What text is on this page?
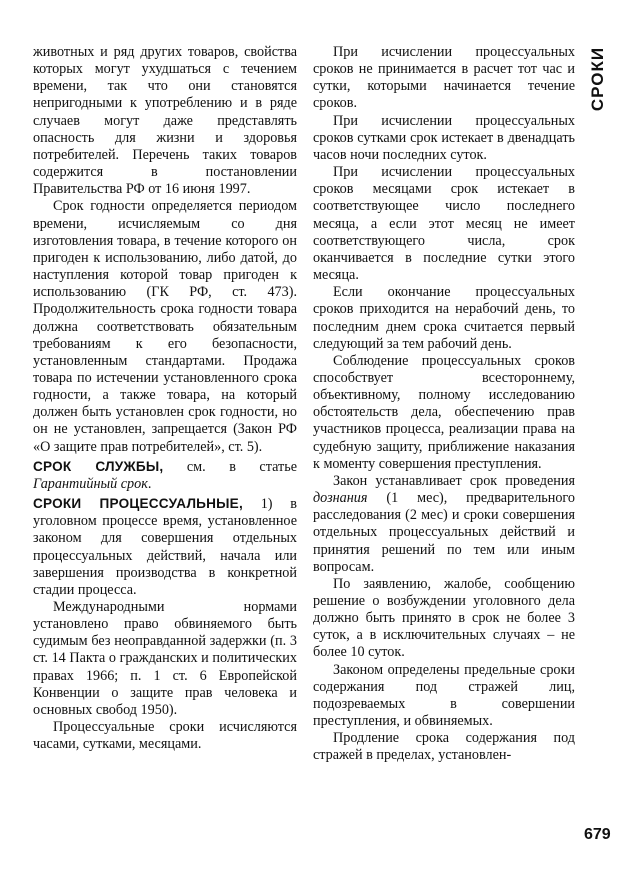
СРОКИ

животных и ряд других товаров, свойства которых могут ухудшаться с течением времени, так что они становятся непригодными к употреблению и в ряде случаев могут даже представлять опасность для жизни и здоровья потребителей. Перечень таких товаров содержится в постановлении Правительства РФ от 16 июня 1997.

Срок годности определяется периодом времени, исчисляемым со дня изготовления товара, в течение которого он пригоден к использованию, либо датой, до наступления которой товар пригоден к использованию (ГК РФ, ст. 473). Продолжительность срока годности товара должна соответствовать обязательным требованиям к его безопасности, установленным стандартами. Продажа товара по истечении установленного срока годности, а также товара, на который должен быть установлен срок годности, но он не установлен, запрещается (Закон РФ «О защите прав потребителей», ст. 5).

СРОК СЛУЖБЫ, см. в статье Гарантийный срок.

СРОКИ ПРОЦЕССУАЛЬНЫЕ, 1) в уголовном процессе время, установленное законом для совершения отдельных процессуальных действий, начала или завершения производства в конкретной стадии процесса.

Международными нормами установлено право обвиняемого быть судимым без неоправданной задержки (п. 3 ст. 14 Пакта о гражданских и политических правах 1966; п. 1 ст. 6 Европейской Конвенции о защите прав человека и основных свобод 1950).

Процессуальные сроки исчисляются часами, сутками, месяцами.

При исчислении процессуальных сроков не принимается в расчет тот час и сутки, которыми начинается течение сроков.

При исчислении процессуальных сроков сутками срок истекает в двенадцать часов ночи последних суток.

При исчислении процессуальных сроков месяцами срок истекает в соответствующее число последнего месяца, а если этот месяц не имеет соответствующего числа, срок оканчивается в последние сутки этого месяца.

Если окончание процессуальных сроков приходится на нерабочий день, то последним днем срока считается первый следующий за тем рабочий день.

Соблюдение процессуальных сроков способствует всестороннему, объективному, полному исследованию обстоятельств дела, обеспечению прав участников процесса, реализации права на судебную защиту, приближение наказания к моменту совершения преступления.

Закон устанавливает срок проведения дознания (1 мес), предварительного расследования (2 мес) и сроки совершения отдельных процессуальных действий и принятия решений по тем или иным вопросам.

По заявлению, жалобе, сообщению решение о возбуждении уголовного дела должно быть принято в срок не более 3 суток, а в исключительных случаях – не более 10 суток.

Законом определены предельные сроки содержания под стражей лиц, подозреваемых в совершении преступления, и обвиняемых.

Продление срока содержания под стражей в пределах, установлен-

679
